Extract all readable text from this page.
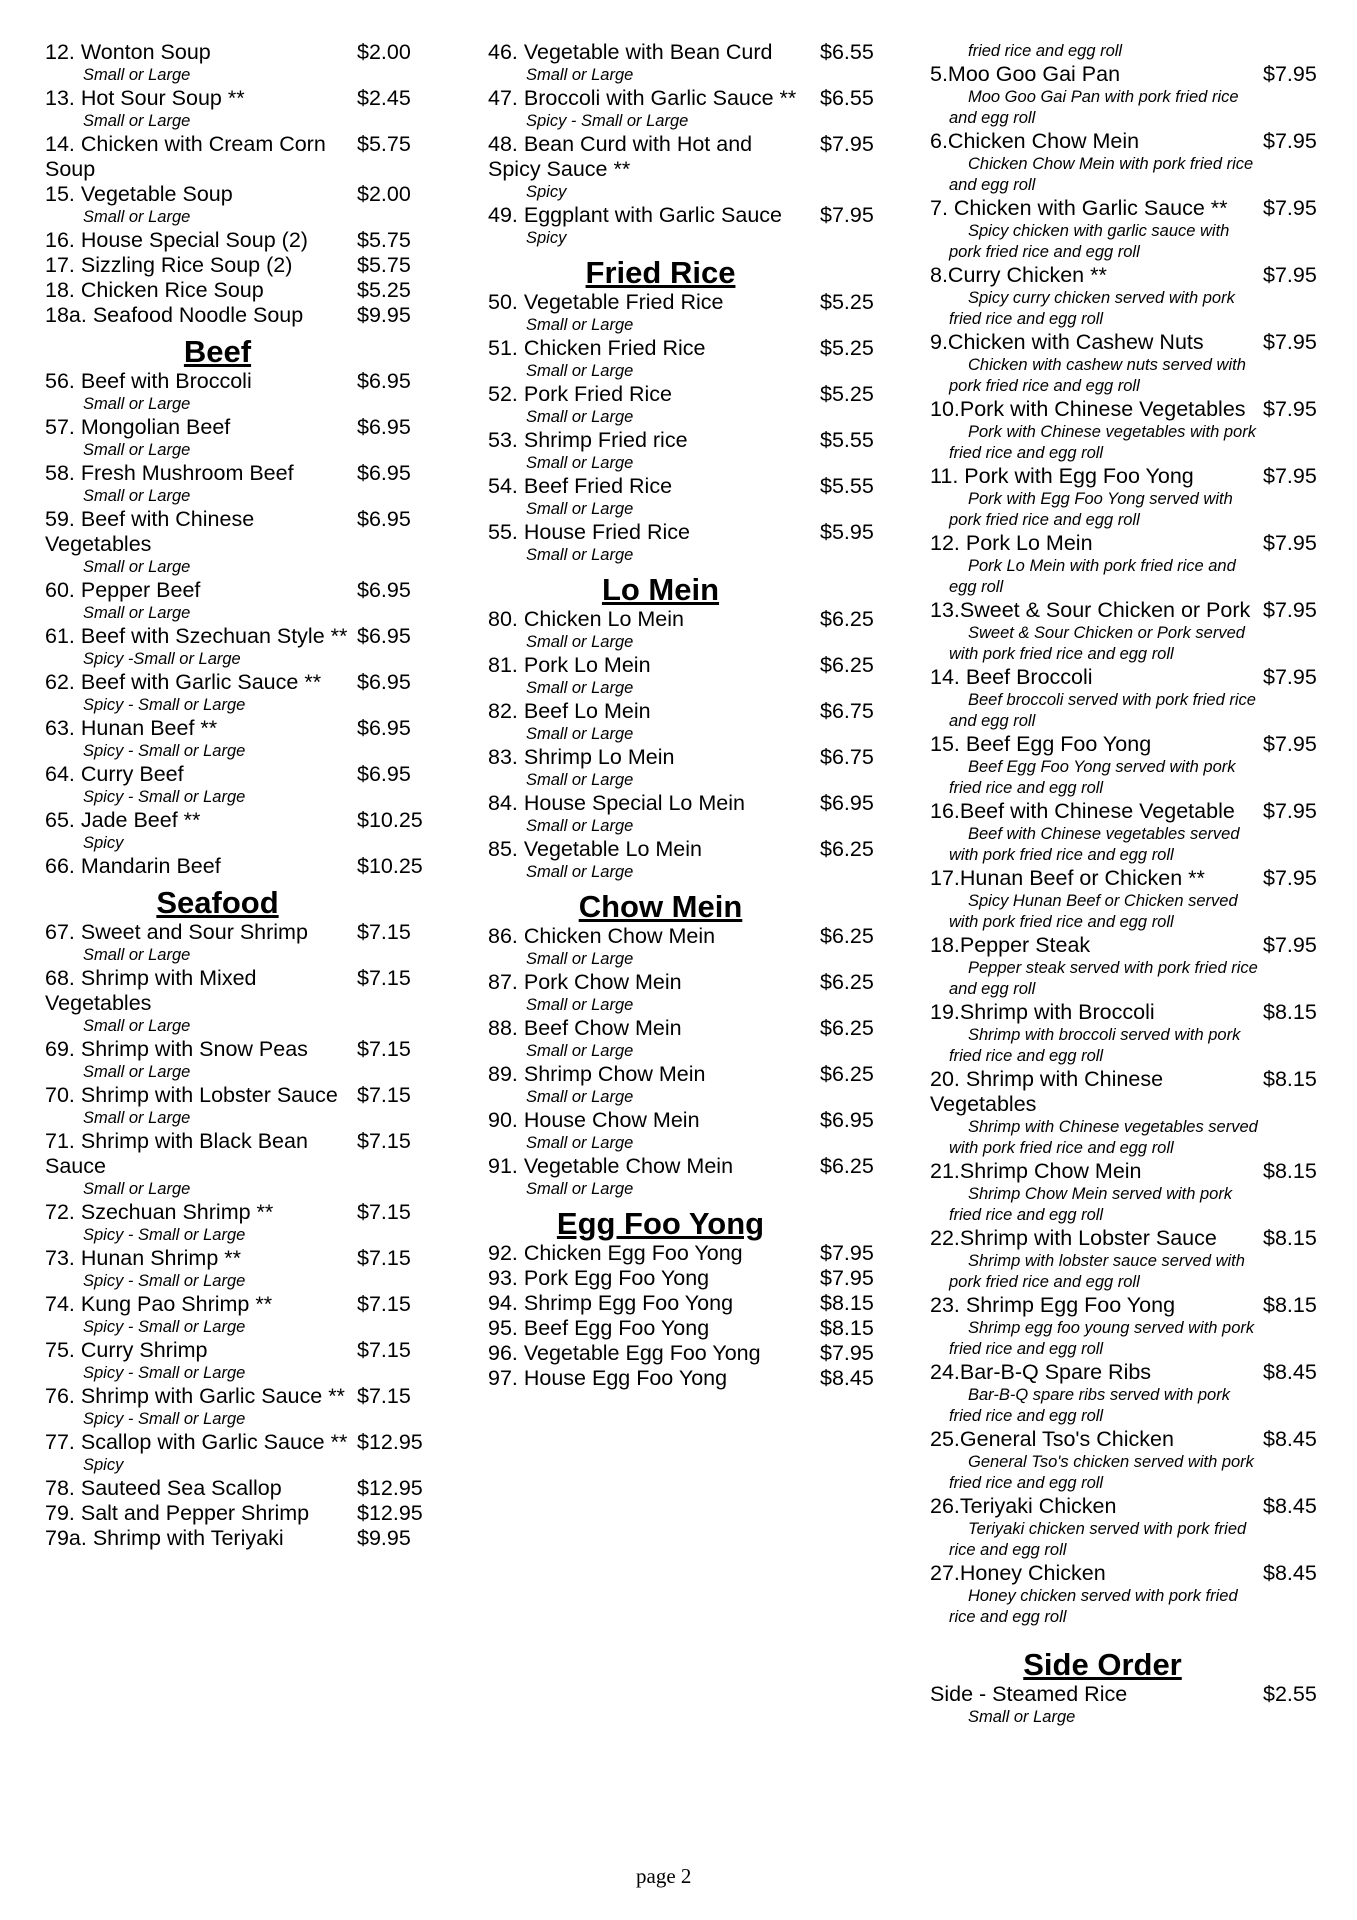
12. Wonton Soup	$2.00
Small or Large
13. Hot Sour Soup **	$2.45
Small or Large
14. Chicken with Cream Corn Soup
$5.75
15. Vegetable Soup	$2.00
Small or Large
16. House Special Soup (2)	$5.75
17. Sizzling Rice Soup (2)	$5.75
18. Chicken Rice Soup	$5.25
18a. Seafood Noodle Soup	$9.95
Beef
56. Beef with Broccoli	$6.95
Small or Large
57. Mongolian Beef	$6.95
Small or Large
58. Fresh Mushroom Beef	$6.95
Small or Large
59. Beef with Chinese Vegetables
$6.95
Small or Large
60. Pepper Beef	$6.95
Small or Large
61. Beef with Szechuan Style ** $6.95
Spicy -Small or Large
62. Beef with Garlic Sauce **	$6.95
Spicy - Small or Large
63. Hunan Beef **	$6.95
Spicy - Small or Large
64. Curry Beef	$6.95
Spicy - Small or Large
65. Jade Beef **	$10.25
Spicy
66. Mandarin Beef	$10.25
Seafood
67. Sweet and Sour Shrimp	$7.15
Small or Large
68. Shrimp with Mixed Vegetables
$7.15
Small or Large
69. Shrimp with Snow Peas	$7.15
Small or Large
70. Shrimp with Lobster Sauce $7.15
Small or Large
71. Shrimp with Black Bean Sauce
$7.15
Small or Large
72. Szechuan Shrimp **	$7.15
Spicy - Small or Large
73. Hunan Shrimp **	$7.15
Spicy - Small or Large
74. Kung Pao Shrimp **	$7.15
Spicy - Small or Large
75. Curry Shrimp	$7.15
Spicy - Small or Large
76. Shrimp with Garlic Sauce ** $7.15
Spicy - Small or Large
77. Scallop with Garlic Sauce ** $12.95
Spicy
78. Sauteed Sea Scallop	$12.95
79. Salt and Pepper Shrimp	$12.95
79a. Shrimp with Teriyaki	$9.95
46. Vegetable with Bean Curd	$6.55
Small or Large
47. Broccoli with Garlic Sauce **	$6.55
Spicy - Small or Large
48. Bean Curd with Hot and Spicy Sauce **
$7.95
Spicy
49. Eggplant with Garlic Sauce	$7.95
Spicy
Fried Rice
50. Vegetable Fried Rice	$5.25
Small or Large
51. Chicken Fried Rice	$5.25
Small or Large
52. Pork Fried Rice	$5.25
Small or Large
53. Shrimp Fried rice	$5.55
Small or Large
54. Beef Fried Rice	$5.55
Small or Large
55. House Fried Rice	$5.95
Small or Large
Lo Mein
80. Chicken Lo Mein	$6.25
Small or Large
81. Pork Lo Mein	$6.25
Small or Large
82. Beef Lo Mein	$6.75
Small or Large
83. Shrimp Lo Mein	$6.75
Small or Large
84. House Special Lo Mein	$6.95
Small or Large
85. Vegetable Lo Mein	$6.25
Small or Large
Chow Mein
86. Chicken Chow Mein	$6.25
Small or Large
87. Pork Chow Mein	$6.25
Small or Large
88. Beef Chow Mein	$6.25
Small or Large
89. Shrimp Chow Mein	$6.25
Small or Large
90. House Chow Mein	$6.95
Small or Large
91. Vegetable Chow Mein	$6.25
Small or Large
Egg Foo Yong
92. Chicken Egg Foo Yong	$7.95
93. Pork Egg Foo Yong	$7.95
94. Shrimp Egg Foo Yong	$8.15
95. Beef Egg Foo Yong	$8.15
96. Vegetable Egg Foo Yong	$7.95
97. House Egg Foo Yong	$8.45
fried rice and egg roll
5.Moo Goo Gai Pan	$7.95
Moo Goo Gai Pan with pork fried rice and egg roll
6.Chicken Chow Mein	$7.95
Chicken Chow Mein with pork fried rice and egg roll
7. Chicken with Garlic Sauce **	$7.95
Spicy chicken with garlic sauce with pork fried rice and egg roll
8.Curry Chicken **	$7.95
Spicy curry chicken served with pork fried rice and egg roll
9.Chicken with Cashew Nuts	$7.95
Chicken with cashew nuts served with pork fried rice and egg roll
10.Pork with Chinese Vegetables $7.95
Pork with Chinese vegetables with pork fried rice and egg roll
11. Pork with Egg Foo Yong	$7.95
Pork with Egg Foo Yong served with pork fried rice and egg roll
12. Pork Lo Mein	$7.95
Pork Lo Mein with pork fried rice and egg roll
13.Sweet & Sour Chicken or Pork $7.95
Sweet & Sour Chicken or Pork served with pork fried rice and egg roll
14. Beef Broccoli	$7.95
Beef broccoli served with pork fried rice and egg roll
15. Beef Egg Foo Yong	$7.95
Beef Egg Foo Yong served with pork fried rice and egg roll
16.Beef with Chinese Vegetable	$7.95
Beef with Chinese vegetables served with pork fried rice and egg roll
17.Hunan Beef or Chicken **	$7.95
Spicy Hunan Beef or Chicken served with pork fried rice and egg roll
18.Pepper Steak	$7.95
Pepper steak served with pork fried rice and egg roll
19.Shrimp with Broccoli	$8.15
Shrimp with broccoli served with pork fried rice and egg roll
20. Shrimp with Chinese Vegetables
$8.15
Shrimp with Chinese vegetables served with pork fried rice and egg roll
21.Shrimp Chow Mein	$8.15
Shrimp Chow Mein served with pork fried rice and egg roll
22.Shrimp with Lobster Sauce	$8.15
Shrimp with lobster sauce served with pork fried rice and egg roll
23. Shrimp Egg Foo Yong	$8.15
Shrimp egg foo young served with pork fried rice and egg roll
24.Bar-B-Q Spare Ribs	$8.45
Bar-B-Q spare ribs served with pork fried rice and egg roll
25.General Tso's Chicken	$8.45
General Tso's chicken served with pork fried rice and egg roll
26.Teriyaki Chicken	$8.45
Teriyaki chicken served with pork fried rice and egg roll
27.Honey Chicken	$8.45
Honey chicken served with pork fried rice and egg roll
Side Order
Side - Steamed Rice	$2.55
Small or Large
page 2
